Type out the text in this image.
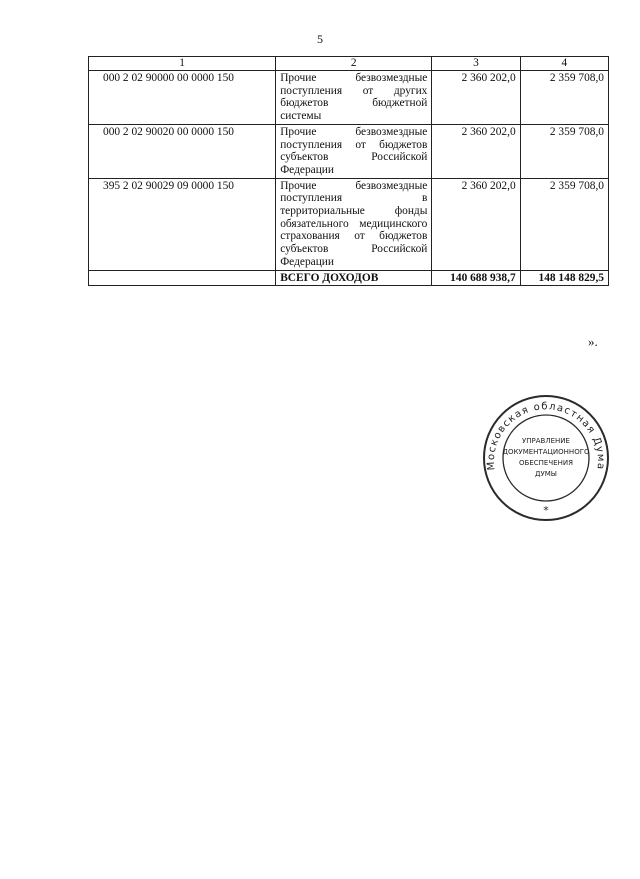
5
1	2	3	4
000 2 02 90000 00 0000 150	Прочие безвозмездные поступления от других бюджетов бюджетной системы	2 360 202,0	2 359 708,0
000 2 02 90020 00 0000 150	Прочие безвозмездные поступления от бюджетов субъектов Российской Федерации	2 360 202,0	2 359 708,0
395 2 02 90029 09 0000 150	Прочие безвозмездные поступления в территориальные фонды обязательного медицинского страхования от бюджетов субъектов Российской Федерации	2 360 202,0	2 359 708,0
	ВСЕГО ДОХОДОВ	140 688 938,7	148 148 829,5
».
Московская областная Дума
УПРАВЛЕНИЕ
ДОКУМЕНТАЦИОННОГО
ОБЕСПЕЧЕНИЯ
ДУМЫ
*
